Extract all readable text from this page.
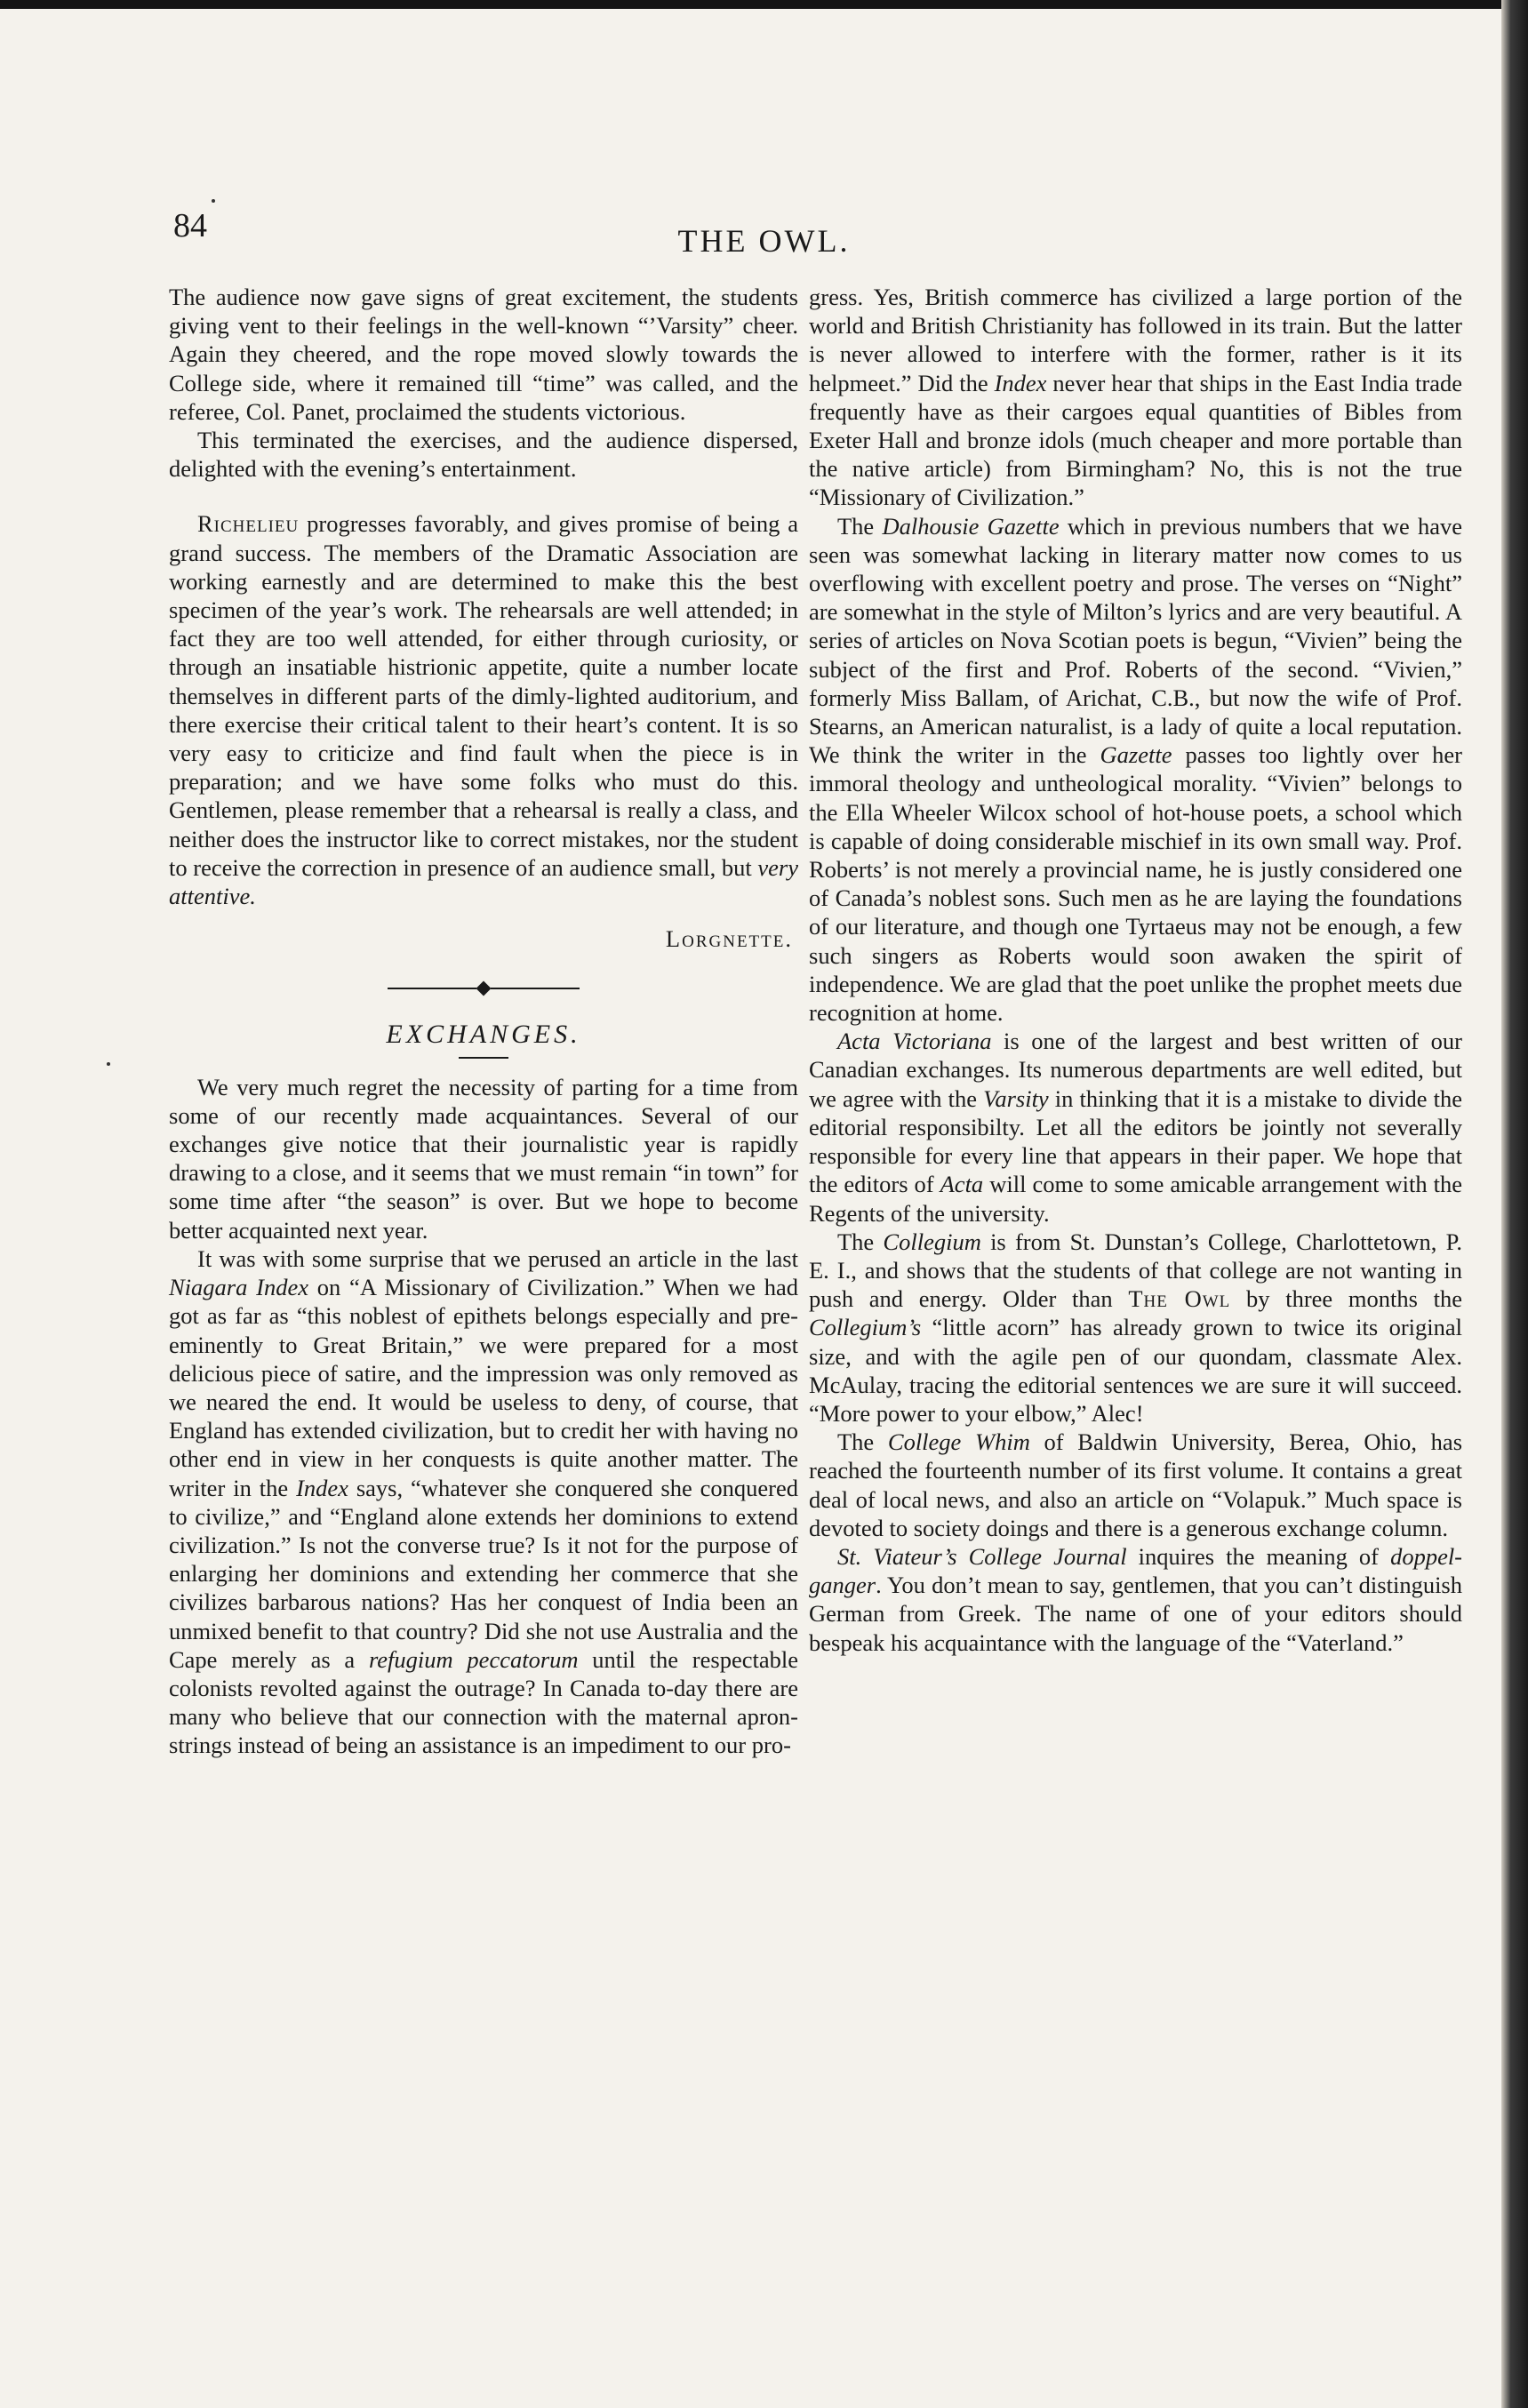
84	THE OWL.

The audience now gave signs of great excitement, the students giving vent to their feelings in the well-known “’Varsity” cheer. Again they cheered, and the rope moved slowly towards the College side, where it remained till “time” was called, and the referee, Col. Panet, proclaimed the students victorious.

This terminated the exercises, and the audience dispersed, delighted with the evening’s entertainment.

Richelieu progresses favorably, and gives promise of being a grand success. The members of the Dramatic Association are working earnestly and are determined to make this the best specimen of the year’s work. The rehearsals are well attended; in fact they are too well attended, for either through curiosity, or through an insatiable histrionic appetite, quite a number locate themselves in different parts of the dimly-lighted auditorium, and there exercise their critical talent to their heart’s content. It is so very easy to criticize and find fault when the piece is in preparation; and we have some folks who must do this. Gentlemen, please remember that a rehearsal is really a class, and neither does the instructor like to correct mistakes, nor the student to receive the correction in presence of an audience small, but very attentive.

Lorgnette.
EXCHANGES.

We very much regret the necessity of parting for a time from some of our recently made acquaintances. Several of our exchanges give notice that their journalistic year is rapidly drawing to a close, and it seems that we must remain “in town” for some time after “the season” is over. But we hope to become better acquainted next year.

It was with some surprise that we perused an article in the last Niagara Index on “A Missionary of Civilization.” When we had got as far as “this noblest of epithets belongs especially and pre-eminently to Great Britain,” we were prepared for a most delicious piece of satire, and the impression was only removed as we neared the end. It would be useless to deny, of course, that England has extended civilization, but to credit her with having no other end in view in her conquests is quite another matter. The writer in the Index says, “whatever she conquered she conquered to civilize,” and “England alone extends her dominions to extend civilization.” Is not the converse true? Is it not for the purpose of enlarging her dominions and extending her commerce that she civilizes barbarous nations? Has her conquest of India been an unmixed benefit to that country? Did she not use Australia and the Cape merely as a refugium peccatorum until the respectable colonists revolted against the outrage? In Canada to-day there are many who believe that our connection with the maternal apron-strings instead of being an assistance is an impediment to our pro-

gress. Yes, British commerce has civilized a large portion of the world and British Christianity has followed in its train. But the latter is never allowed to interfere with the former, rather is it its helpmeet.” Did the Index never hear that ships in the East India trade frequently have as their cargoes equal quantities of Bibles from Exeter Hall and bronze idols (much cheaper and more portable than the native article) from Birmingham? No, this is not the true “Missionary of Civilization.”

The Dalhousie Gazette which in previous numbers that we have seen was somewhat lacking in literary matter now comes to us overflowing with excellent poetry and prose. The verses on “Night” are somewhat in the style of Milton’s lyrics and are very beautiful. A series of articles on Nova Scotian poets is begun, “Vivien” being the subject of the first and Prof. Roberts of the second. “Vivien,” formerly Miss Ballam, of Arichat, C.B., but now the wife of Prof. Stearns, an American naturalist, is a lady of quite a local reputation. We think the writer in the Gazette passes too lightly over her immoral theology and untheological morality. “Vivien” belongs to the Ella Wheeler Wilcox school of hot-house poets, a school which is capable of doing considerable mischief in its own small way. Prof. Roberts’ is not merely a provincial name, he is justly considered one of Canada’s noblest sons. Such men as he are laying the foundations of our literature, and though one Tyrtaeus may not be enough, a few such singers as Roberts would soon awaken the spirit of independence. We are glad that the poet unlike the prophet meets due recognition at home.

Acta Victoriana is one of the largest and best written of our Canadian exchanges. Its numerous departments are well edited, but we agree with the Varsity in thinking that it is a mistake to divide the editorial responsibilty. Let all the editors be jointly not severally responsible for every line that appears in their paper. We hope that the editors of Acta will come to some amicable arrangement with the Regents of the university.

The Collegium is from St. Dunstan’s College, Charlottetown, P. E. I., and shows that the students of that college are not wanting in push and energy. Older than The Owl by three months the Collegium’s “little acorn” has already grown to twice its original size, and with the agile pen of our quondam, classmate Alex. McAulay, tracing the editorial sentences we are sure it will succeed. “More power to your elbow,” Alec!

The College Whim of Baldwin University, Berea, Ohio, has reached the fourteenth number of its first volume. It contains a great deal of local news, and also an article on “Volapuk.” Much space is devoted to society doings and there is a generous exchange column.

St. Viateur’s College Journal inquires the meaning of doppel-ganger. You don’t mean to say, gentlemen, that you can’t distinguish German from Greek. The name of one of your editors should bespeak his acquaintance with the language of the “Vaterland.”
